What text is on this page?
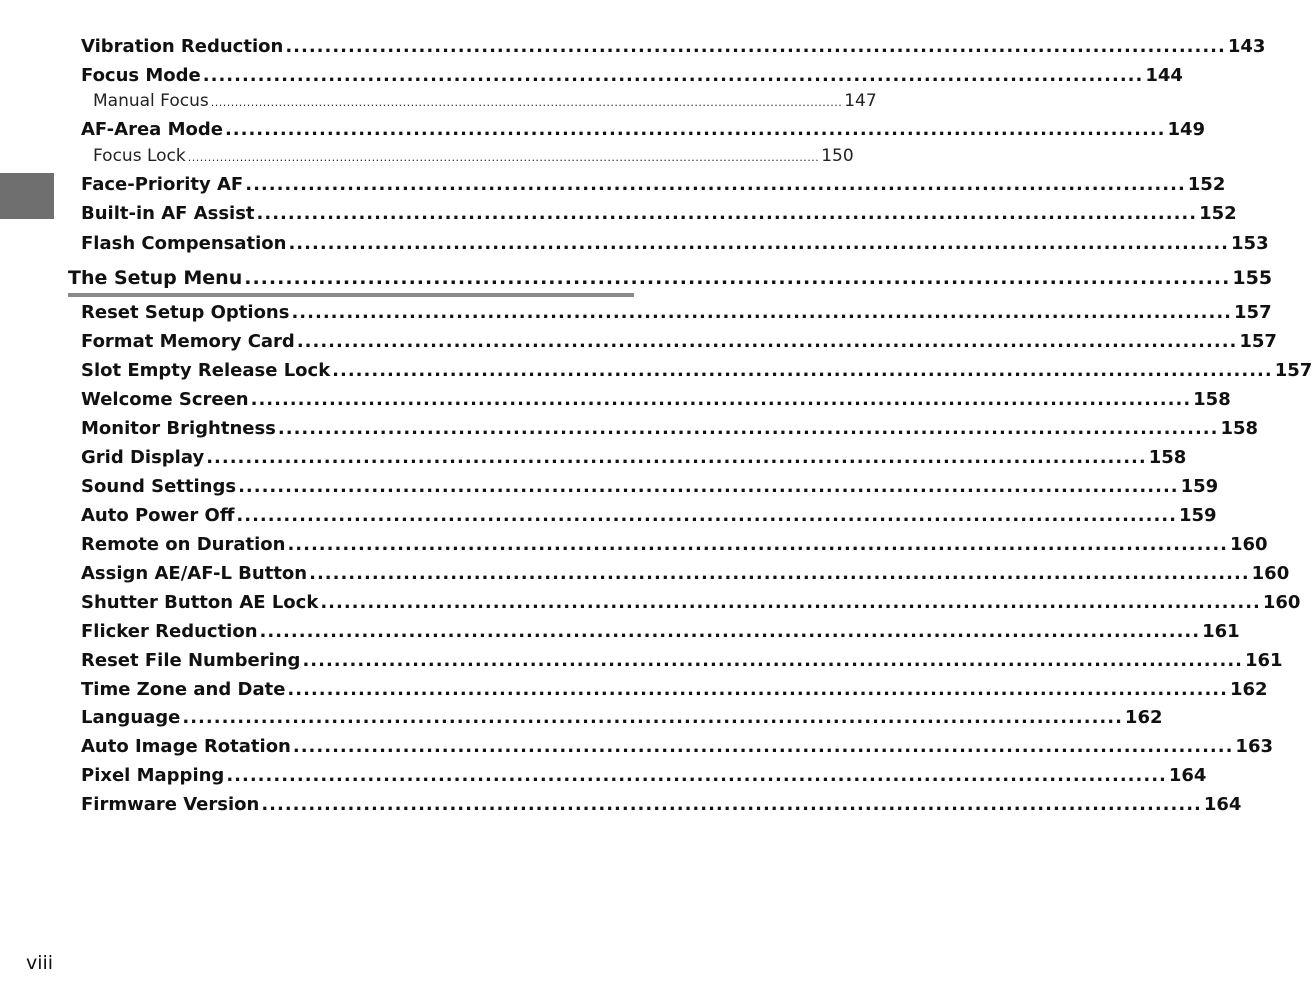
Vibration Reduction ........................................................................................................................ 143
Focus Mode ........................................................................................................................ 144
Manual Focus .............................................................................................................................................................. 147
AF-Area Mode ........................................................................................................................ 149
Focus Lock .............................................................................................................................................................. 150
Face-Priority AF ........................................................................................................................ 152
Built-in AF Assist ........................................................................................................................ 152
Flash Compensation ........................................................................................................................ 153
The Setup Menu ........................................................................................................................ 155
Reset Setup Options ........................................................................................................................ 157
Format Memory Card ........................................................................................................................ 157
Slot Empty Release Lock ........................................................................................................................ 157
Welcome Screen ........................................................................................................................ 158
Monitor Brightness ........................................................................................................................ 158
Grid Display ........................................................................................................................ 158
Sound Settings ........................................................................................................................ 159
Auto Power Off ........................................................................................................................ 159
Remote on Duration ........................................................................................................................ 160
Assign AE/AF-L Button ........................................................................................................................ 160
Shutter Button AE Lock ........................................................................................................................ 160
Flicker Reduction ........................................................................................................................ 161
Reset File Numbering ........................................................................................................................ 161
Time Zone and Date ........................................................................................................................ 162
Language ........................................................................................................................ 162
Auto Image Rotation ........................................................................................................................ 163
Pixel Mapping ........................................................................................................................ 164
Firmware Version ........................................................................................................................ 164
viii
